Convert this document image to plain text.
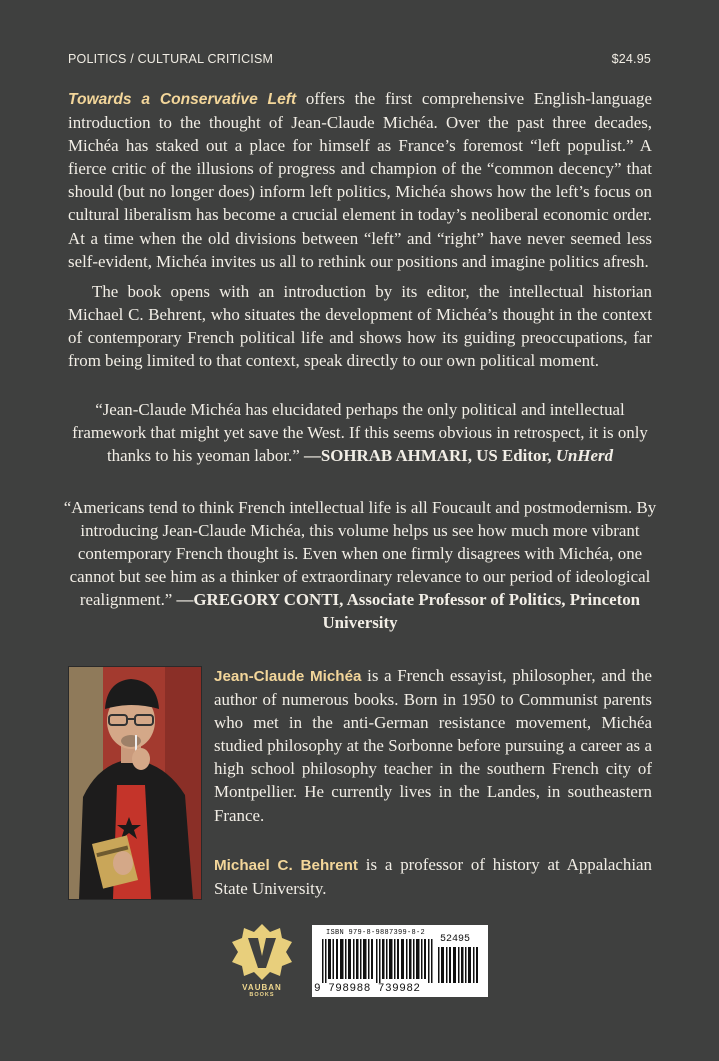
POLITICS / CULTURAL CRITICISM	$24.95

Towards a Conservative Left offers the first comprehensive English-language introduction to the thought of Jean-Claude Michéa. Over the past three decades, Michéa has staked out a place for himself as France’s foremost “left populist.” A fierce critic of the illusions of progress and champion of the “common decency” that should (but no longer does) inform left politics, Michéa shows how the left’s focus on cultural liberalism has become a crucial element in today’s neoliberal economic order. At a time when the old divisions between “left” and “right” have never seemed less self-evident, Michéa invites us all to rethink our positions and imagine politics afresh.

The book opens with an introduction by its editor, the intellectual historian Michael C. Behrent, who situates the development of Michéa’s thought in the context of contemporary French political life and shows how its guiding preoccupations, far from being limited to that context, speak directly to our own political moment.

“Jean-Claude Michéa has elucidated perhaps the only political and intellectual framework that might yet save the West. If this seems obvious in retrospect, it is only thanks to his yeoman labor.” —SOHRAB AHMARI, US Editor, UnHerd

“Americans tend to think French intellectual life is all Foucault and postmodernism. By introducing Jean-Claude Michéa, this volume helps us see how much more vibrant contemporary French thought is. Even when one firmly disagrees with Michéa, one cannot but see him as a thinker of extraordinary relevance to our period of ideological realignment.” —GREGORY CONTI, Associate Professor of Politics, Princeton University

Jean-Claude Michéa is a French essayist, philosopher, and the author of numerous books. Born in 1950 to Communist parents who met in the anti-German resistance movement, Michéa studied philosophy at the Sorbonne before pursuing a career as a high school philosophy teacher in the southern French city of Montpellier. He currently lives in the Landes, in southeastern France.

Michael C. Behrent is a professor of history at Appalachian State University.

VAUBAN
BOOKS
ISBN 979-8-9887399-8-2
52495
9 798988 739982
